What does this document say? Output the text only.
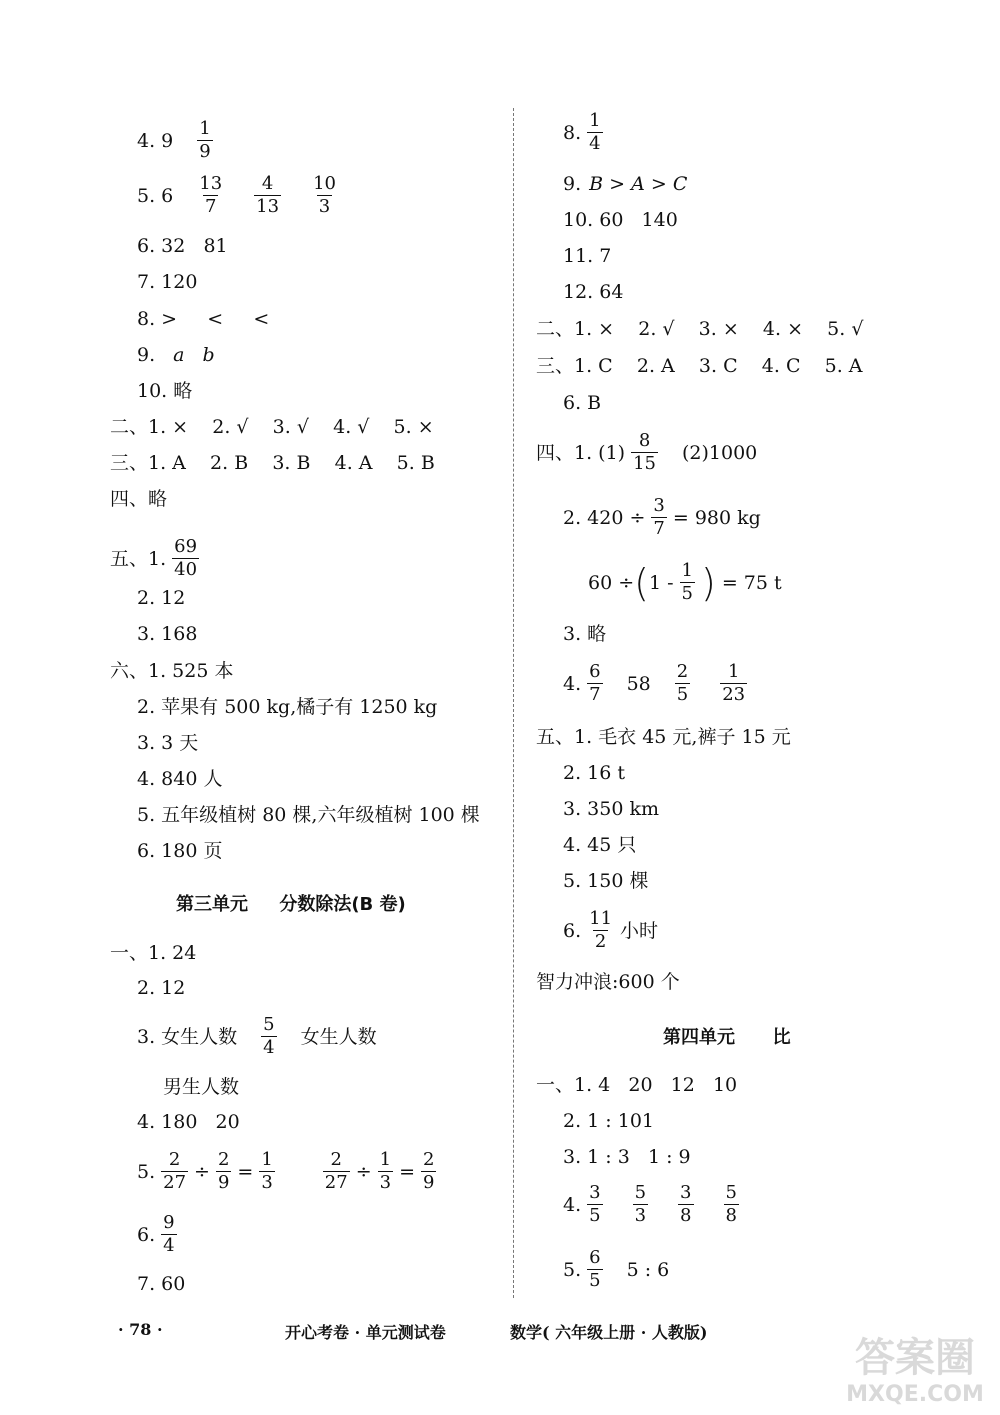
4. $9 \frac{1}{9}$
5. $6 \frac{13}{7} \frac{4}{13} \frac{10}{3}$
6. 32   81
7. 120
8. >     <     <
9. a b
10. 略
二、1. ×    2. √    3. √    4. √    5. ×
三、1. A    2. B    3. B    4. A    5. B
四、略
五、1. $\frac{69}{40}$
2. 12
3. 168
六、1. 525 本
2. 苹果有 500 kg,橘子有 1250 kg
3. 3 天
4. 840 人
5. 五年级植树 80 棵,六年级植树 100 棵
6. 180 页
第三单元     分数除法(B 卷)
一、1. 24
2. 12
3. 女生人数 $\frac{5}{4}$ 女生人数
男生人数
4. 180   20
5. $\frac{2}{27} \div \frac{2}{9} = \frac{1}{3}$	$\frac{2}{27} \div \frac{1}{3} = \frac{2}{9}$
6. $\frac{9}{4}$
7. 60
8. $\frac{1}{4}$
9. B > A > C
10. 60   140
11. 7
12. 64
二、1. ×    2. √    3. ×    4. ×    5. √
三、1. C    2. A    3. C    4. C    5. A
6. B
四、1. $(1) \frac{8}{15} (2)1000$
2. $420 \div \frac{3}{7} = 980$ kg
60 ÷ ( $1 - \frac{1}{5}$ ) = 75 t
3. 略
4. $\frac{6}{7} 58 \frac{2}{5} \frac{1}{23}$
五、1. 毛衣 45 元,裤子 15 元
2. 16 t
3. 350 km
4. 45 只
5. 150 棵
6. $\frac{11}{2}$ 小时
智力冲浪:600 个
第四单元      比
一、1. 4   20   12   10
2. 1 : 101
3. 1 : 3   1 : 9
4. $\frac{3}{5} \frac{5}{3} \frac{3}{8} \frac{5}{8}$
5. $\frac{6}{5} 5$ : 6
· 78 ·	开心考卷 · 单元测试卷	数学( 六年级上册 · 人教版)
答案圈
MXQE.COM
